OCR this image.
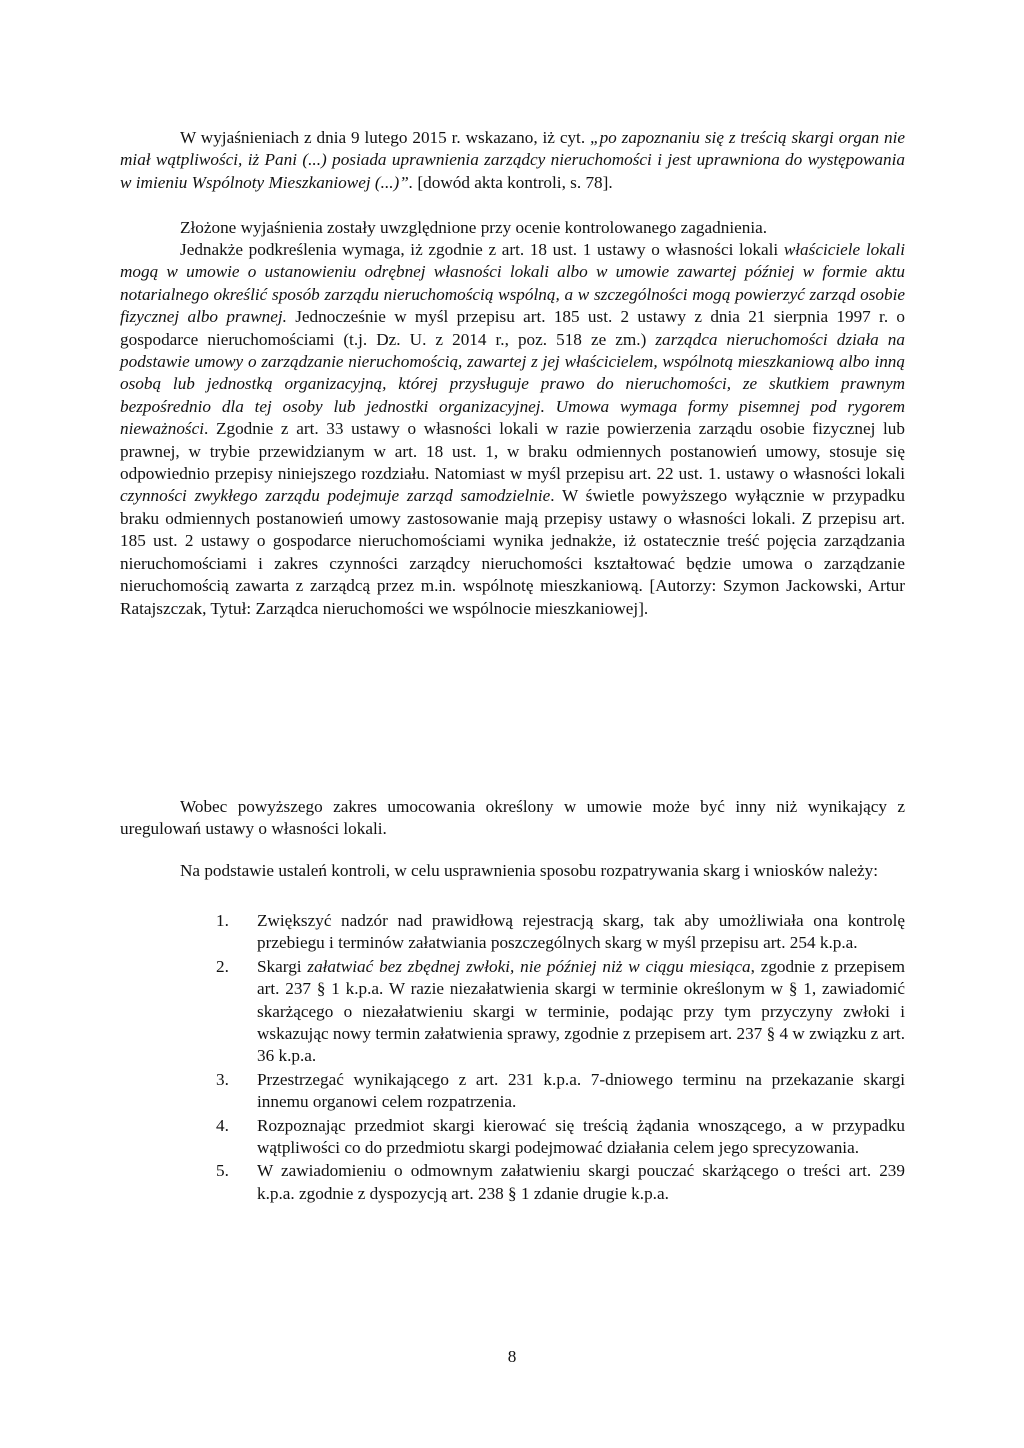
W wyjaśnieniach z dnia 9 lutego 2015 r. wskazano, iż cyt. „po zapoznaniu się z treścią skargi organ nie miał wątpliwości, iż Pani (...) posiada uprawnienia zarządcy nieruchomości i jest uprawniona do występowania w imieniu Wspólnoty Mieszkaniowej (...)”. [dowód akta kontroli, s. 78].

Złożone wyjaśnienia zostały uwzględnione przy ocenie kontrolowanego zagadnienia.

Jednakże podkreślenia wymaga, iż zgodnie z art. 18 ust. 1 ustawy o własności lokali właściciele lokali mogą w umowie o ustanowieniu odrębnej własności lokali albo w umowie zawartej później w formie aktu notarialnego określić sposób zarządu nieruchomością wspólną, a w szczególności mogą powierzyć zarząd osobie fizycznej albo prawnej. Jednocześnie w myśl przepisu art. 185 ust. 2 ustawy z dnia 21 sierpnia 1997 r. o gospodarce nieruchomościami (t.j. Dz. U. z 2014 r., poz. 518 ze zm.) zarządca nieruchomości działa na podstawie umowy o zarządzanie nieruchomością, zawartej z jej właścicielem, wspólnotą mieszkaniową albo inną osobą lub jednostką organizacyjną, której przysługuje prawo do nieruchomości, ze skutkiem prawnym bezpośrednio dla tej osoby lub jednostki organizacyjnej. Umowa wymaga formy pisemnej pod rygorem nieważności. Zgodnie z art. 33 ustawy o własności lokali w razie powierzenia zarządu osobie fizycznej lub prawnej, w trybie przewidzianym w art. 18 ust. 1, w braku odmiennych postanowień umowy, stosuje się odpowiednio przepisy niniejszego rozdziału. Natomiast w myśl przepisu art. 22 ust. 1. ustawy o własności lokali czynności zwykłego zarządu podejmuje zarząd samodzielnie. W świetle powyższego wyłącznie w przypadku braku odmiennych postanowień umowy zastosowanie mają przepisy ustawy o własności lokali. Z przepisu art. 185 ust. 2 ustawy o gospodarce nieruchomościami wynika jednakże, iż ostatecznie treść pojęcia zarządzania nieruchomościami i zakres czynności zarządcy nieruchomości kształtować będzie umowa o zarządzanie nieruchomością zawarta z zarządcą przez m.in. wspólnotę mieszkaniową. [Autorzy: Szymon Jackowski, Artur Ratajszczak, Tytuł: Zarządca nieruchomości we wspólnocie mieszkaniowej].

Wobec powyższego zakres umocowania określony w umowie może być inny niż wynikający z uregulowań ustawy o własności lokali.

Na podstawie ustaleń kontroli, w celu usprawnienia sposobu rozpatrywania skarg i wniosków należy:

1. Zwiększyć nadzór nad prawidłową rejestracją skarg, tak aby umożliwiała ona kontrolę przebiegu i terminów załatwiania poszczególnych skarg w myśl przepisu art. 254 k.p.a.
2. Skargi załatwiać bez zbędnej zwłoki, nie później niż w ciągu miesiąca, zgodnie z przepisem art. 237 § 1 k.p.a. W razie niezałatwienia skargi w terminie określonym w § 1, zawiadomić skarżącego o niezałatwieniu skargi w terminie, podając przy tym przyczyny zwłoki i wskazując nowy termin załatwienia sprawy, zgodnie z przepisem art. 237 § 4 w związku z art. 36 k.p.a.
3. Przestrzegać wynikającego z art. 231 k.p.a. 7-dniowego terminu na przekazanie skargi innemu organowi celem rozpatrzenia.
4. Rozpoznając przedmiot skargi kierować się treścią żądania wnoszącego, a w przypadku wątpliwości co do przedmiotu skargi podejmować działania celem jego sprecyzowania.
5. W zawiadomieniu o odmownym załatwieniu skargi pouczać skarżącego o treści art. 239 k.p.a. zgodnie z dyspozycją art. 238 § 1 zdanie drugie k.p.a.
8
